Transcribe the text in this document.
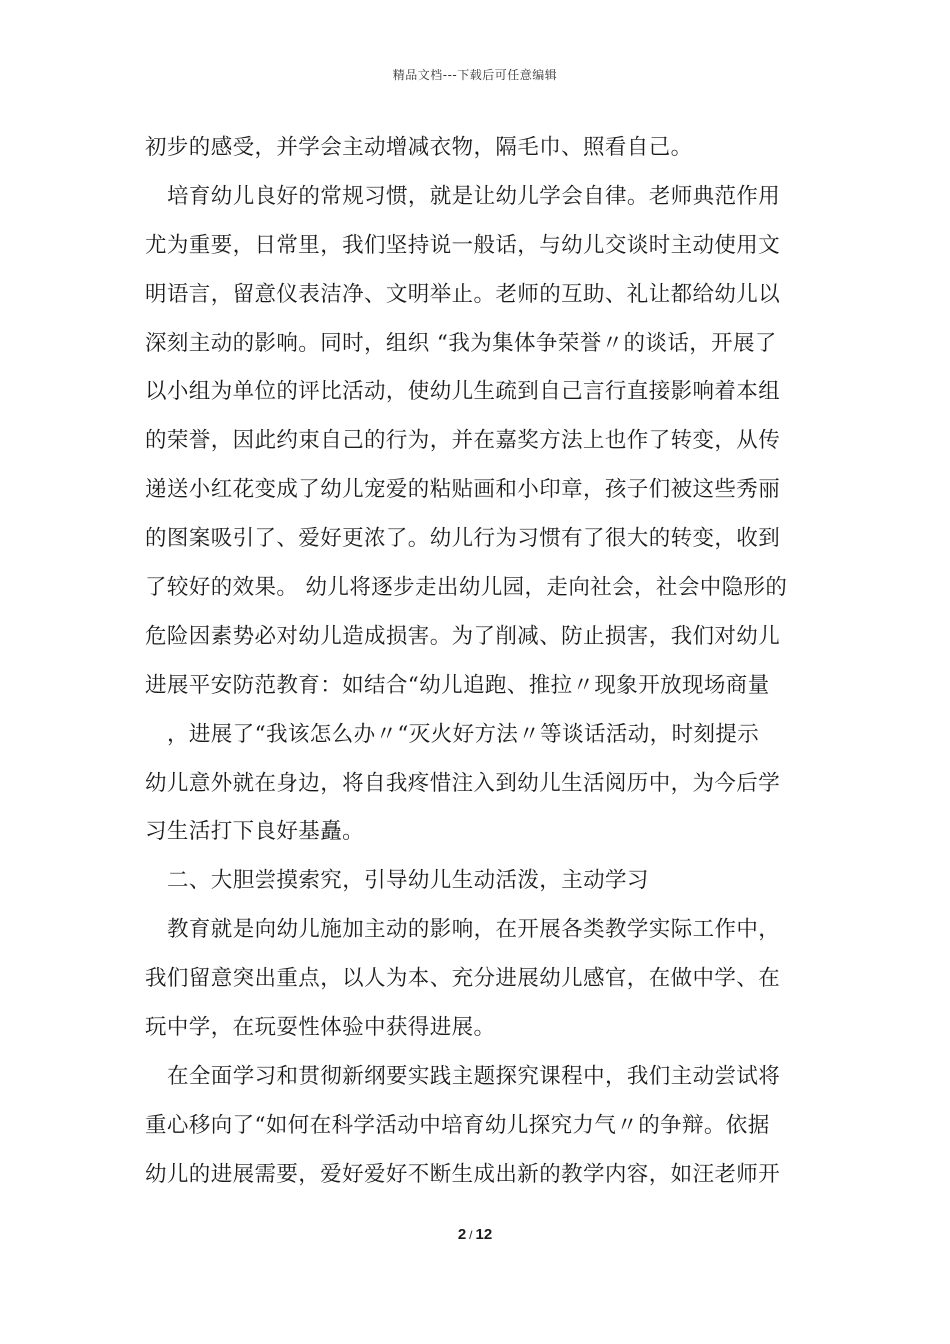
精品文档---下载后可任意编辑
初步的感受，并学会主动增减衣物，隔毛巾、照看自己。
培育幼儿良好的常规习惯，就是让幼儿学会自律。老师典范作用
尤为重要，日常里，我们坚持说一般话，与幼儿交谈时主动使用文
明语言，留意仪表洁净、文明举止。老师的互助、礼让都给幼儿以
深刻主动的影响。同时，组织 “我为集体争荣誉〃的谈话，开展了
以小组为单位的评比活动，使幼儿生疏到自己言行直接影响着本组
的荣誉，因此约束自己的行为，并在嘉奖方法上也作了转变，从传
递送小红花变成了幼儿宠爱的粘贴画和小印章，孩子们被这些秀丽
的图案吸引了、爱好更浓了。幼儿行为习惯有了很大的转变，收到
了较好的效果。 幼儿将逐步走出幼儿园，走向社会，社会中隐形的
危险因素势必对幼儿造成损害。为了削减、防止损害，我们对幼儿
进展平安防范教育：如结合“幼儿追跑、推拉〃现象开放现场商量
，进展了“我该怎么办〃“灭火好方法〃等谈话活动，时刻提示
幼儿意外就在身边，将自我疼惜注入到幼儿生活阅历中，为今后学
习生活打下良好基矗。
二、大胆尝摸索究，引导幼儿生动活泼，主动学习
教育就是向幼儿施加主动的影响，在开展各类教学实际工作中，
我们留意突出重点，以人为本、充分进展幼儿感官，在做中学、在
玩中学，在玩耍性体验中获得进展。
在全面学习和贯彻新纲要实践主题探究课程中，我们主动尝试将
重心移向了“如何在科学活动中培育幼儿探究力气〃的争辩。依据
幼儿的进展需要，爱好爱好不断生成出新的教学内容，如汪老师开
2 / 12
